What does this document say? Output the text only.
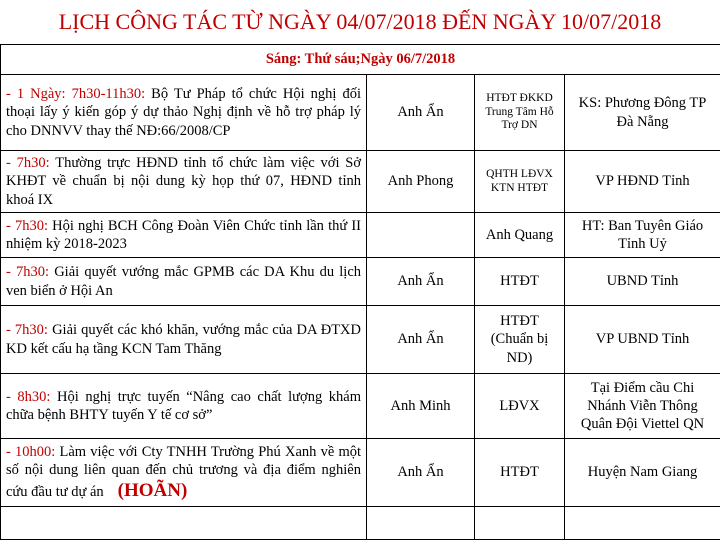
LỊCH CÔNG TÁC TỪ NGÀY 04/07/2018 ĐẾN NGÀY 10/07/2018
Sáng: Thứ sáu;Ngày 06/7/2018			
- 1 Ngày: 7h30-11h30: Bộ Tư Pháp tổ chức Hội nghị đối thoại lấy ý kiến góp ý dự thảo Nghị định về hỗ trợ pháp lý cho DNNVV thay thế NĐ:66/2008/CP	Anh Ẩn	HTĐT ĐKKD Trung Tâm Hỗ Trợ DN	KS: Phương Đông TP Đà Nẵng
- 7h30: Thường trực HĐND tỉnh tổ chức làm việc với Sở KHĐT về chuẩn bị nội dung kỳ họp thứ 07, HĐND tỉnh khoá IX	Anh Phong	QHTH LĐVX KTN HTĐT	VP HĐND Tỉnh
- 7h30: Hội nghị BCH Công Đoàn Viên Chức tỉnh lần thứ II nhiệm kỳ 2018-2023		Anh Quang	HT: Ban Tuyên Giáo Tỉnh Uỷ
- 7h30: Giải quyết vướng mắc GPMB các DA Khu du lịch ven biển ở Hội An	Anh Ẩn	HTĐT	UBND Tỉnh
- 7h30: Giải quyết các khó khăn, vướng mắc của DA ĐTXD KD kết cấu hạ tầng KCN Tam Thăng	Anh Ẩn	HTĐT (Chuẩn bị ND)	VP UBND Tỉnh
- 8h30: Hội nghị trực tuyến “Nâng cao chất lượng khám chữa bệnh BHTY tuyến Y tế cơ sở”	Anh Minh	LĐVX	Tại Điểm cầu Chi Nhánh Viễn Thông Quân Đội Viettel QN
- 10h00: Làm việc với Cty TNHH Trường Phú Xanh về một số nội dung liên quan đến chủ trương và địa điểm nghiên cứu đầu tư dự án (HOÃN)	Anh Ẩn	HTĐT	Huyện Nam Giang
